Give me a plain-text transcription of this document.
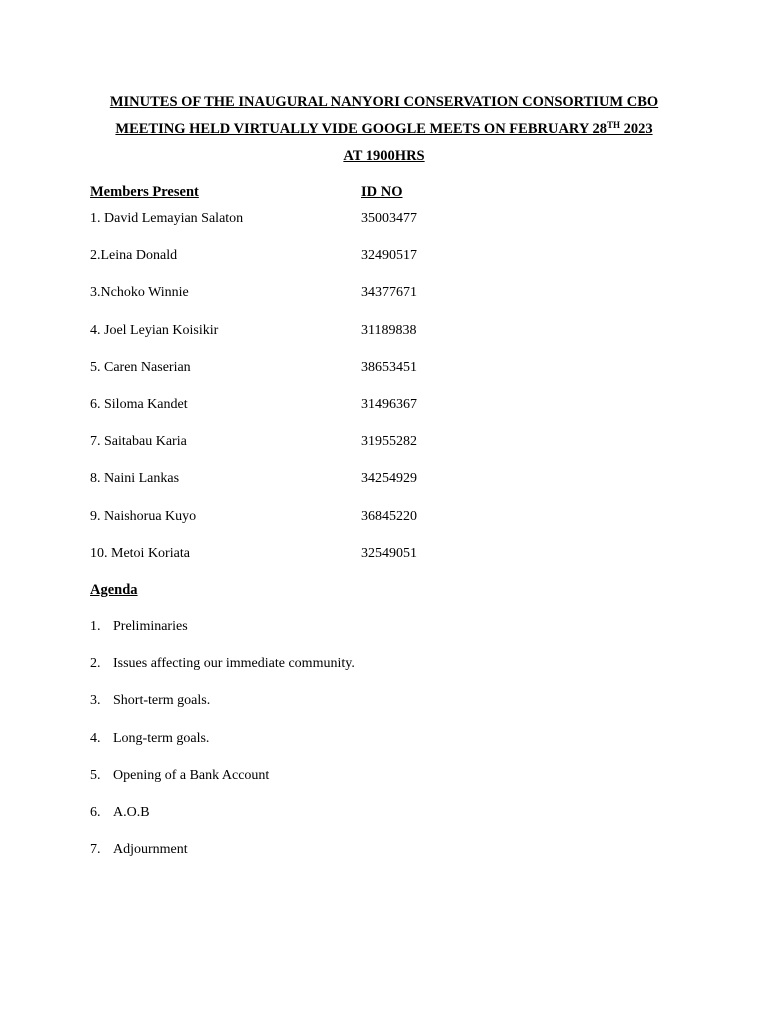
MINUTES OF THE INAUGURAL NANYORI CONSERVATION CONSORTIUM CBO
MEETING HELD VIRTUALLY VIDE GOOGLE MEETS ON FEBRUARY 28TH 2023
AT 1900HRS
Members Present	ID NO
1. David Lemayian Salaton	35003477
2.Leina Donald	32490517
3.Nchoko Winnie	34377671
4. Joel Leyian Koisikir	31189838
5. Caren Naserian	38653451
6. Siloma Kandet	31496367
7. Saitabau Karia	31955282
8. Naini Lankas	34254929
9. Naishorua Kuyo	36845220
10. Metoi Koriata	32549051
Agenda
1. Preliminaries
2. Issues affecting our immediate community.
3. Short-term goals.
4. Long-term goals.
5. Opening of a Bank Account
6. A.O.B
7. Adjournment
